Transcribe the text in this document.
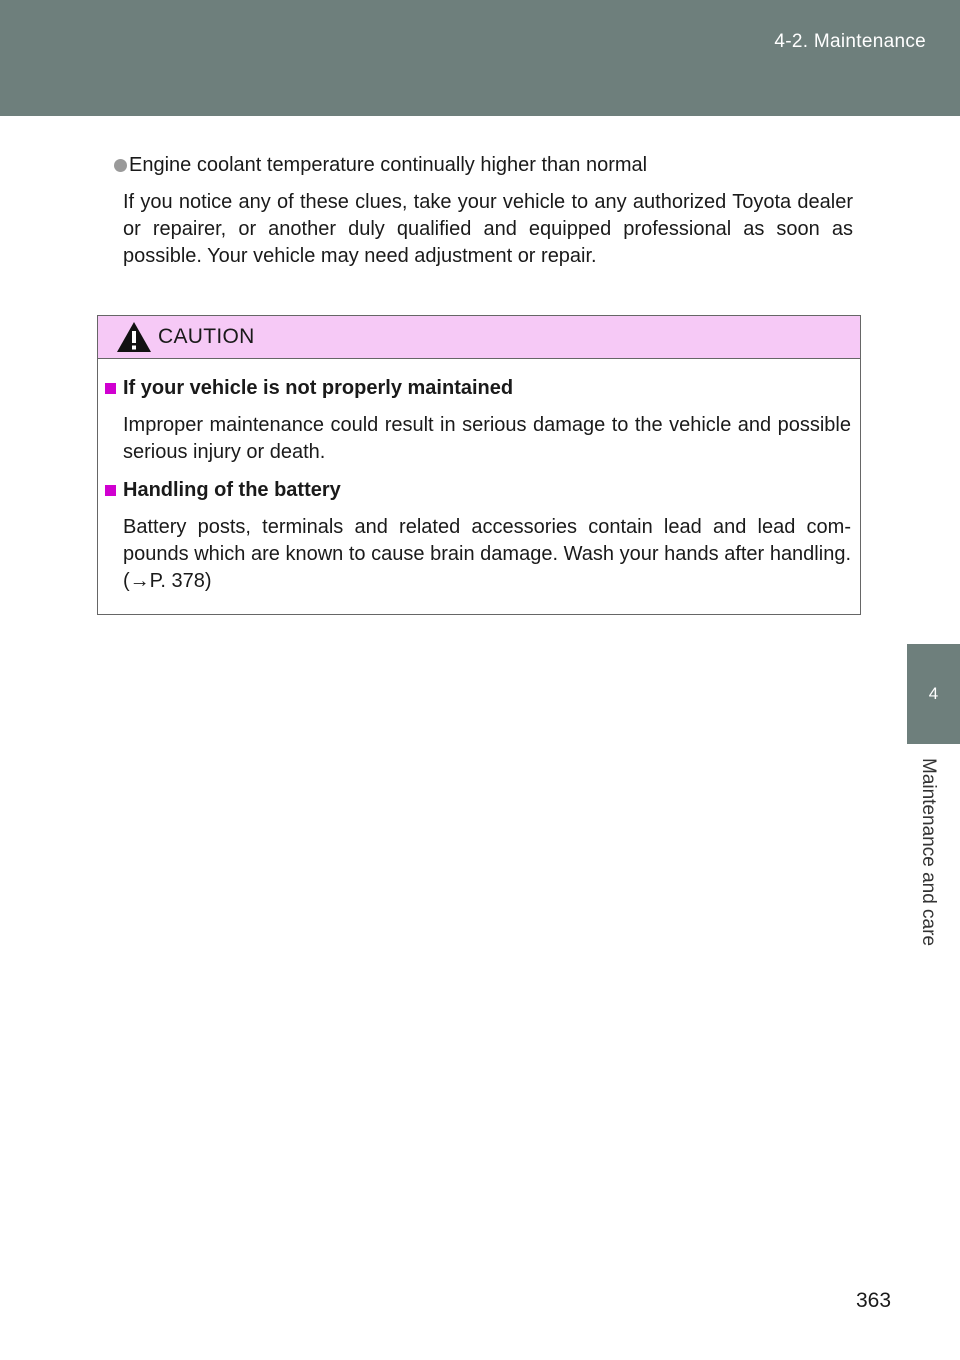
4-2. Maintenance
4
Maintenance and care
Engine coolant temperature continually higher than normal

If you notice any of these clues, take your vehicle to any authorized Toyota dealer or repairer, or another duly qualified and equipped professional as soon as possible. Your vehicle may need adjustment or repair.

CAUTION
If your vehicle is not properly maintained

Improper maintenance could result in serious damage to the vehicle and possible serious injury or death.

Handling of the battery

Battery posts, terminals and related accessories contain lead and lead com-pounds which are known to cause brain damage. Wash your hands after handling. (→P. 378)

363
